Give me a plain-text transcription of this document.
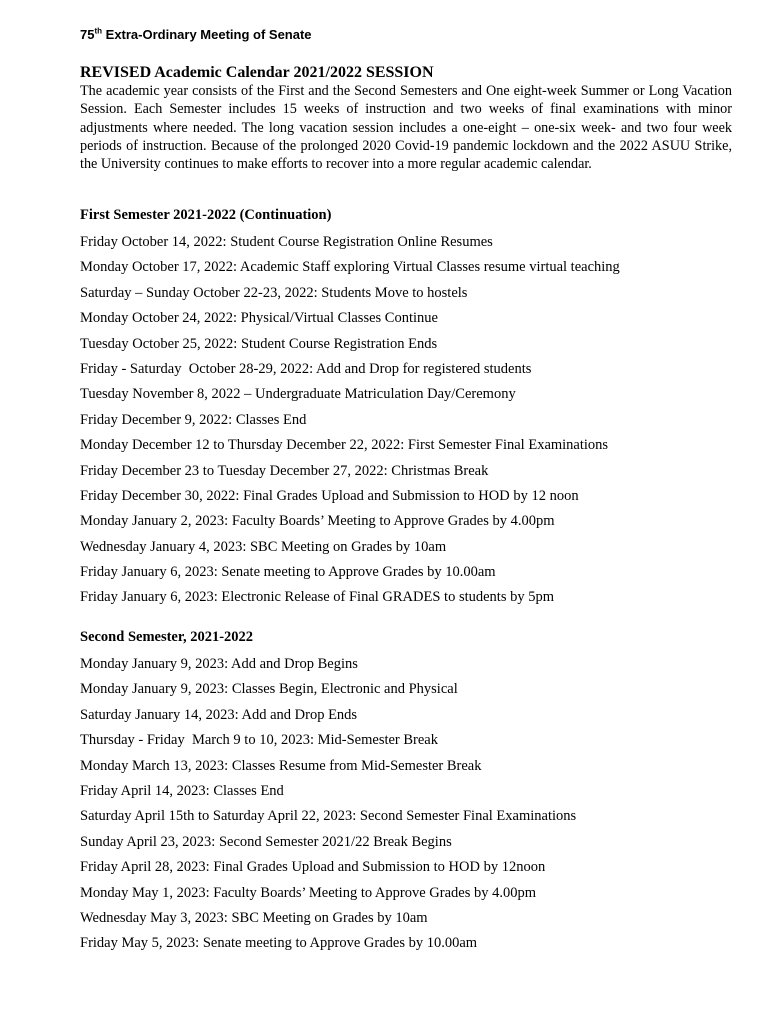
75th Extra-Ordinary Meeting of Senate
REVISED Academic Calendar 2021/2022 SESSION

The academic year consists of the First and the Second Semesters and One eight-week Summer or Long Vacation Session. Each Semester includes 15 weeks of instruction and two weeks of final examinations with minor adjustments where needed. The long vacation session includes a one-eight – one-six week- and two four week periods of instruction. Because of the prolonged 2020 Covid-19 pandemic lockdown and the 2022 ASUU Strike, the University continues to make efforts to recover into a more regular academic calendar.

First Semester 2021-2022 (Continuation)
Friday October 14, 2022: Student Course Registration Online Resumes
Monday October 17, 2022: Academic Staff exploring Virtual Classes resume virtual teaching
Saturday – Sunday October 22-23, 2022: Students Move to hostels
Monday October 24, 2022: Physical/Virtual Classes Continue
Tuesday October 25, 2022: Student Course Registration Ends
Friday - Saturday  October 28-29, 2022: Add and Drop for registered students
Tuesday November 8, 2022 – Undergraduate Matriculation Day/Ceremony
Friday December 9, 2022: Classes End
Monday December 12 to Thursday December 22, 2022: First Semester Final Examinations
Friday December 23 to Tuesday December 27, 2022: Christmas Break
Friday December 30, 2022: Final Grades Upload and Submission to HOD by 12 noon
Monday January 2, 2023: Faculty Boards’ Meeting to Approve Grades by 4.00pm
Wednesday January 4, 2023: SBC Meeting on Grades by 10am
Friday January 6, 2023: Senate meeting to Approve Grades by 10.00am
Friday January 6, 2023: Electronic Release of Final GRADES to students by 5pm
Second Semester, 2021-2022
Monday January 9, 2023: Add and Drop Begins
Monday January 9, 2023: Classes Begin, Electronic and Physical
Saturday January 14, 2023: Add and Drop Ends
Thursday - Friday  March 9 to 10, 2023: Mid-Semester Break
Monday March 13, 2023: Classes Resume from Mid-Semester Break
Friday April 14, 2023: Classes End
Saturday April 15th to Saturday April 22, 2023: Second Semester Final Examinations
Sunday April 23, 2023: Second Semester 2021/22 Break Begins
Friday April 28, 2023: Final Grades Upload and Submission to HOD by 12noon
Monday May 1, 2023: Faculty Boards’ Meeting to Approve Grades by 4.00pm
Wednesday May 3, 2023: SBC Meeting on Grades by 10am
Friday May 5, 2023: Senate meeting to Approve Grades by 10.00am
